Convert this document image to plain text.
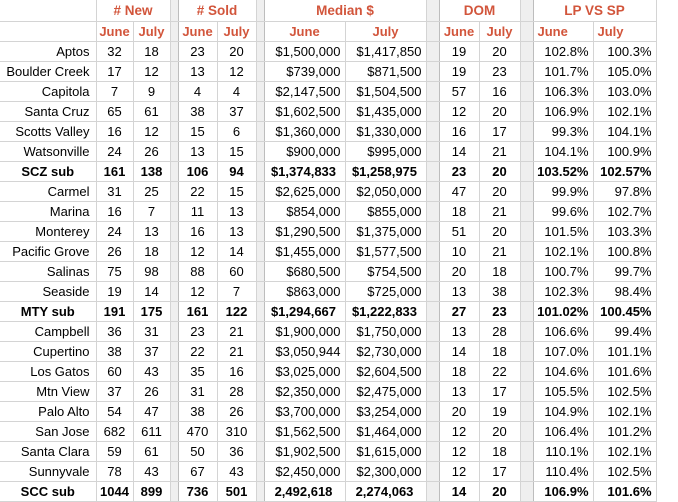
	# New			# Sold			Median $			DOM			LP VS SP	
	June	July		June	July		June	July		June	July		June	July
Aptos	32	18		23	20		$1,500,000	$1,417,850		19	20		102.8%	100.3%
Boulder Creek	17	12		13	12		$739,000	$871,500		19	23		101.7%	105.0%
Capitola	7	9		4	4		$2,147,500	$1,504,500		57	16		106.3%	103.0%
Santa Cruz	65	61		38	37		$1,602,500	$1,435,000		12	20		106.9%	102.1%
Scotts Valley	16	12		15	6		$1,360,000	$1,330,000		16	17		99.3%	104.1%
Watsonville	24	26		13	15		$900,000	$995,000		14	21		104.1%	100.9%
SCZ sub	161	138		106	94		$1,374,833	$1,258,975		23	20		103.52%	102.57%
Carmel	31	25		22	15		$2,625,000	$2,050,000		47	20		99.9%	97.8%
Marina	16	7		11	13		$854,000	$855,000		18	21		99.6%	102.7%
Monterey	24	13		16	13		$1,290,500	$1,375,000		51	20		101.5%	103.3%
Pacific Grove	26	18		12	14		$1,455,000	$1,577,500		10	21		102.1%	100.8%
Salinas	75	98		88	60		$680,500	$754,500		20	18		100.7%	99.7%
Seaside	19	14		12	7		$863,000	$725,000		13	38		102.3%	98.4%
MTY sub	191	175		161	122		$1,294,667	$1,222,833		27	23		101.02%	100.45%
Campbell	36	31		23	21		$1,900,000	$1,750,000		13	28		106.6%	99.4%
Cupertino	38	37		22	21		$3,050,944	$2,730,000		14	18		107.0%	101.1%
Los Gatos	60	43		35	16		$3,025,000	$2,604,500		18	22		104.6%	101.6%
Mtn View	37	26		31	28		$2,350,000	$2,475,000		13	17		105.5%	102.5%
Palo Alto	54	47		38	26		$3,700,000	$3,254,000		20	19		104.9%	102.1%
San Jose	682	611		470	310		$1,562,500	$1,464,000		12	20		106.4%	101.2%
Santa Clara	59	61		50	36		$1,902,500	$1,615,000		12	18		110.1%	102.1%
Sunnyvale	78	43		67	43		$2,450,000	$2,300,000		12	17		110.4%	102.5%
SCC sub	1044	899		736	501		2,492,618	2,274,063		14	20		106.9%	101.6%
